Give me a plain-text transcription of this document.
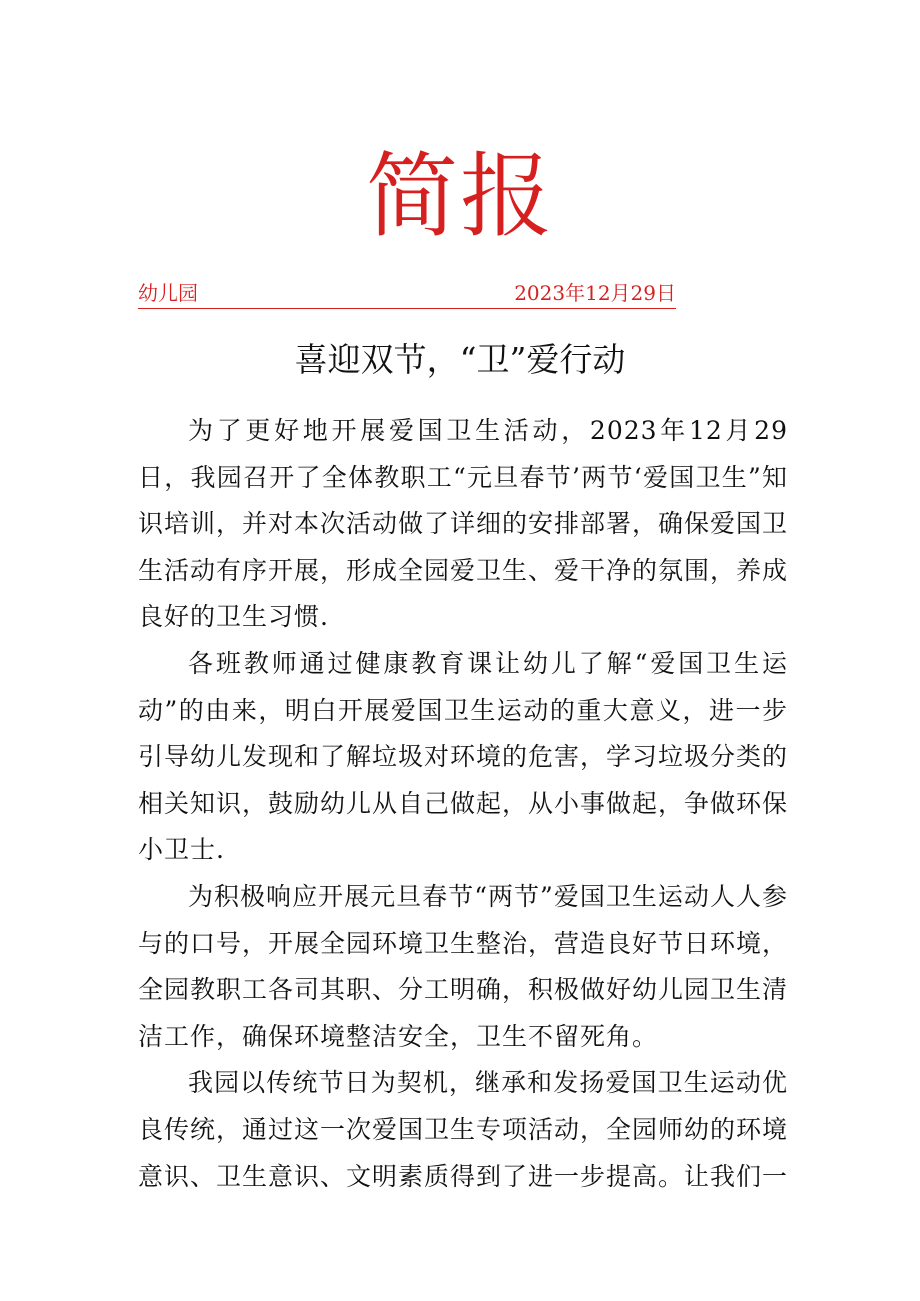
简报
幼儿园	2023年12月29日
喜迎双节，“卫”爱行动

为了更好地开展爱国卫生活动，2023年12月29日，我园召开了全体教职工“元旦春节’两节‘爱国卫生”知识培训，并对本次活动做了详细的安排部署，确保爱国卫生活动有序开展，形成全园爱卫生、爱干净的氛围，养成良好的卫生习惯.

各班教师通过健康教育课让幼儿了解“爱国卫生运动”的由来，明白开展爱国卫生运动的重大意义，进一步引导幼儿发现和了解垃圾对环境的危害，学习垃圾分类的相关知识，鼓励幼儿从自己做起，从小事做起，争做环保小卫士.

为积极响应开展元旦春节“两节”爱国卫生运动人人参与的口号，开展全园环境卫生整治，营造良好节日环境，全园教职工各司其职、分工明确，积极做好幼儿园卫生清洁工作，确保环境整洁安全，卫生不留死角。

我园以传统节日为契机，继承和发扬爱国卫生运动优良传统，通过这一次爱国卫生专项活动，全园师幼的环境意识、卫生意识、文明素质得到了进一步提高。让我们一
